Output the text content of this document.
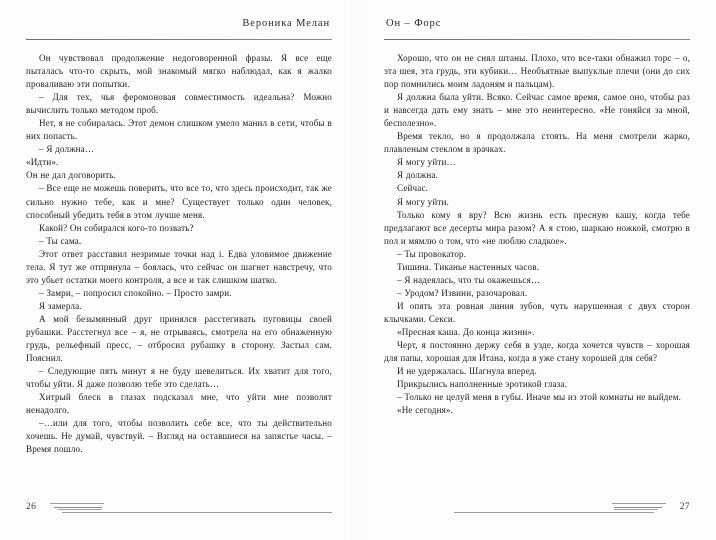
Вероника Мелан

Он чувствовал продолжение недоговоренной фразы. Я все еще пыталась что-то скрыть, мой знакомый мягко наблюдал, как я жалко проваливаю эти попытки.

– Для тех, чья феромоновая совместимость идеальна? Можно вычислить только методом проб.

Нет, я не собиралась. Этот демон слишком умело манил в сети, чтобы в них попасть.

– Я должна…

«Идти».

Он не дал договорить.

– Все еще не можешь поверить, что все то, что здесь происходит, так же сильно нужно тебе, как и мне? Существует только один человек, способный убедить тебя в этом лучше меня.

Какой? Он собирался кого-то позвать?

– Ты сама.

Этот ответ расставил незримые точки над i. Едва уловимое движение тела. Я тут же отпрянула – боялась, что сейчас он шагнет навстречу, что это убьет остатки моего контроля, а все и так слишком шатко.

– Замри, – попросил спокойно. – Просто замри.

Я замерла.

А мой безымянный друг принялся расстегивать пуговицы своей рубашки. Расстегнул все – я, не отрываясь, смотрела на его обнаженную грудь, рельефный пресс, – отбросил рубашку в сторону. Застыл сам. Пояснил.

– Следующие пять минут я не буду шевелиться. Их хватит для того, чтобы уйти. Я даже позволю тебе это сделать…

Хитрый блеск в глазах подсказал мне, что уйти мне позволят ненадолго.

–…или для того, чтобы позволить себе все, что ты действительно хочешь. Не думай, чувствуй. – Взгляд на оставшиеся на запястье часы. – Время пошло.

26
Он – Форс

Хорошо, что он не снял штаны. Плохо, что все-таки обнажил торс – о, эта шея, эта грудь, эти кубики… Необъятные выпуклые плечи (они до сих пор помнились моим ладоням и пальцам).

Я должна была уйти. Всяко. Сейчас самое время, самое оно, чтобы раз и навсегда дать ему знать – мне это неинтересно. «Не гоняйся за мной, бесполезно».

Время текло, но я продолжала стоять. На меня смотрели жарко, плавленым стеклом в зрачках.

Я могу уйти…

Я должна.

Сейчас.

Я могу уйти.

Только кому я вру? Всю жизнь есть пресную кашу, когда тебе предлагают все десерты мира разом? А я стою, шаркаю ножкой, смотрю в пол и мямлю о том, что «не люблю сладкое».

– Ты провокатор.

Тишина. Тиканье настенных часов.

– Я надеялась, что ты окажешься…

– Уродом? Извини, разочаровал.

И опять эта ровная линия зубов, чуть нарушенная с двух сторон клычками. Секси.

«Пресная каша. До конца жизни».

Черт, я постоянно держу себя в узде, когда хочется чувств – хорошая для папы, хорошая для Итана, когда я уже стану хорошей для себя?

И не удержалась. Шагнула вперед.

Прикрылись наполненные эротикой глаза.

– Только не целуй меня в губы. Иначе мы из этой комнаты не выйдем.

«Не сегодня».

27
